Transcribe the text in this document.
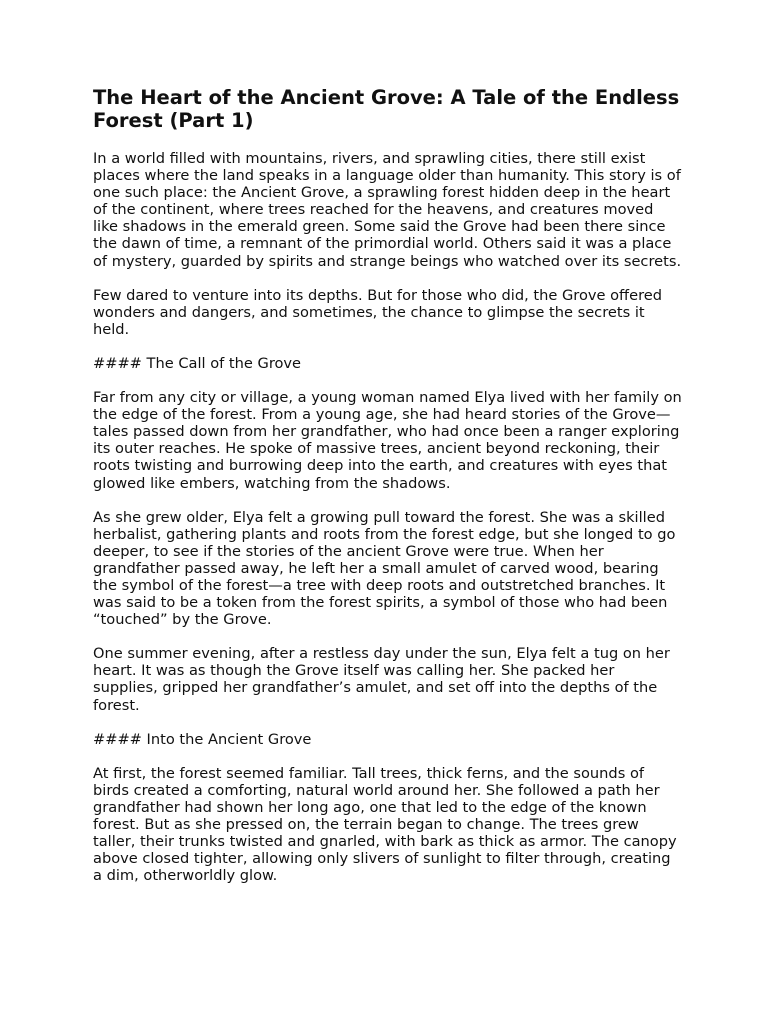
The Heart of the Ancient Grove: A Tale of the Endless Forest (Part 1)

In a world filled with mountains, rivers, and sprawling cities, there still exist places where the land speaks in a language older than humanity. This story is of one such place: the Ancient Grove, a sprawling forest hidden deep in the heart of the continent, where trees reached for the heavens, and creatures moved like shadows in the emerald green. Some said the Grove had been there since the dawn of time, a remnant of the primordial world. Others said it was a place of mystery, guarded by spirits and strange beings who watched over its secrets.

Few dared to venture into its depths. But for those who did, the Grove offered wonders and dangers, and sometimes, the chance to glimpse the secrets it held.

#### The Call of the Grove

Far from any city or village, a young woman named Elya lived with her family on the edge of the forest. From a young age, she had heard stories of the Grove—tales passed down from her grandfather, who had once been a ranger exploring its outer reaches. He spoke of massive trees, ancient beyond reckoning, their roots twisting and burrowing deep into the earth, and creatures with eyes that glowed like embers, watching from the shadows.

As she grew older, Elya felt a growing pull toward the forest. She was a skilled herbalist, gathering plants and roots from the forest edge, but she longed to go deeper, to see if the stories of the ancient Grove were true. When her grandfather passed away, he left her a small amulet of carved wood, bearing the symbol of the forest—a tree with deep roots and outstretched branches. It was said to be a token from the forest spirits, a symbol of those who had been “touched” by the Grove.

One summer evening, after a restless day under the sun, Elya felt a tug on her heart. It was as though the Grove itself was calling her. She packed her supplies, gripped her grandfather’s amulet, and set off into the depths of the forest.

#### Into the Ancient Grove

At first, the forest seemed familiar. Tall trees, thick ferns, and the sounds of birds created a comforting, natural world around her. She followed a path her grandfather had shown her long ago, one that led to the edge of the known forest. But as she pressed on, the terrain began to change. The trees grew taller, their trunks twisted and gnarled, with bark as thick as armor. The canopy above closed tighter, allowing only slivers of sunlight to filter through, creating a dim, otherworldly glow.
